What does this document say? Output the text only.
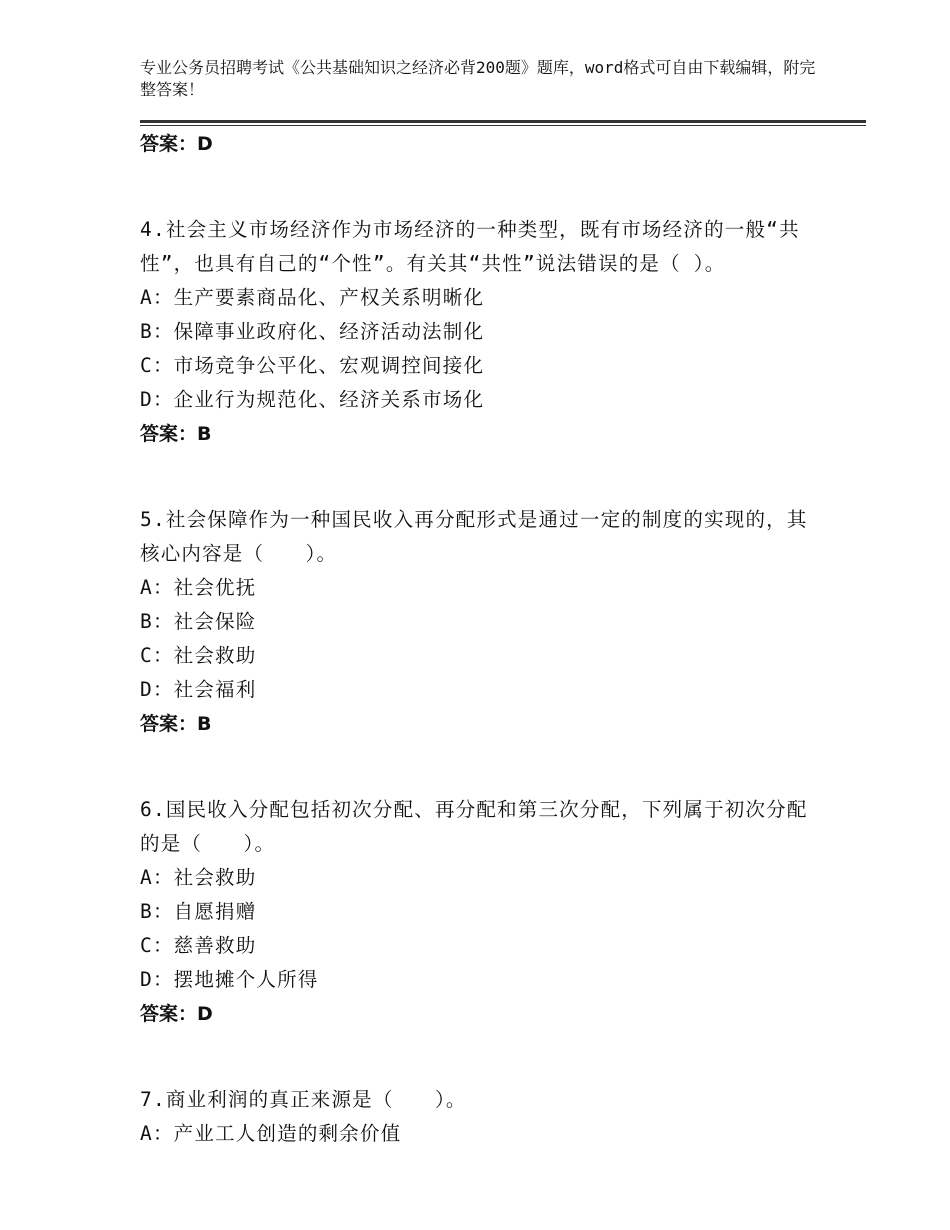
专业公务员招聘考试《公共基础知识之经济必背200题》题库，word格式可自由下载编辑，附完整答案！
答案：D

4.社会主义市场经济作为市场经济的一种类型，既有市场经济的一般“共性”，也具有自己的“个性”。有关其“共性”说法错误的是（ ）。

A：生产要素商品化、产权关系明晰化
B：保障事业政府化、经济活动法制化
C：市场竞争公平化、宏观调控间接化
D：企业行为规范化、经济关系市场化
答案：B

5.社会保障作为一种国民收入再分配形式是通过一定的制度的实现的，其核心内容是（　　）。

A：社会优抚
B：社会保险
C：社会救助
D：社会福利
答案：B

6.国民收入分配包括初次分配、再分配和第三次分配，下列属于初次分配的是（　　）。

A：社会救助
B：自愿捐赠
C：慈善救助
D：摆地摊个人所得
答案：D

7.商业利润的真正来源是（　　）。

A：产业工人创造的剩余价值
